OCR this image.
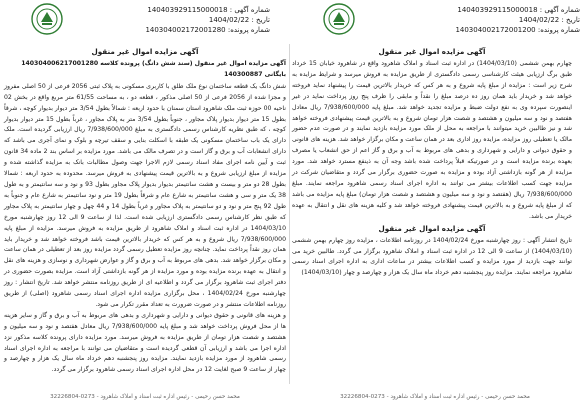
شماره آگهی : 140403929115000018
تاریخ : 1404/02/22
شماره پرونده: 140304002172001200
شماره آگهی : 140403929115000018
تاریخ : 1404/02/22
شماره پرونده: 140304002172001280
آگهی مزایده اموال غیر منقول

چهارم بهمن ششمی (1404/03/10) در اداره ثبت اسناد و املاک شاهرود واقع در شاهرود خیابان 15 خرداد طبق برگ ارزیابی هیئت کارشناسی رسمی دادگستری از طریق مزایده به فروش میرسد و شرایط مزایده به شرح زیر است : مزایده از مبلغ پایه شروع و به هر کس که خریدار بالاترین قیمت را پیشنهاد نماید فروخته خواهد شد و خریدار باید همان روز ده درصد مبلغ را نقداً و مابقی را ظرف پنج روز پرداخت نماید در غیر اینصورت سپرده وی به نفع دولت ضبط و مزایده تجدید خواهد شد. مبلغ پایه 7/938/600/000 ریال معادل هفتصد و نود و سه میلیون و هشتصد و شصت هزار تومان شروع و به بالاترین قیمت پیشنهادی فروخته خواهد شد و نیز طالبین خرید میتوانند با مراجعه به محل از ملک مورد مزایده بازدید نمایند و در صورت عدم حضور مالک یا تعطیلی روز مزایده، مزایده روز اداری بعد در همان ساعت و مکان برگزار خواهد شد. هزینه های قانونی و حقوق دیوانی و دارایی و شهرداری و بدهی های مربوط به آب و برق و گاز اعم از حق انشعاب یا مصرف بعهده برنده مزایده است و در صورتیکه قبلاً پرداخت شده باشد وجه آن به ذینفع مسترد خواهد شد. مورد مزایده از هر گونه بازداشتی آزاد بوده و مزایده به صورت حضوری برگزار می گردد و متقاضیان شرکت در مزایده جهت کسب اطلاعات بیشتر می توانند به اداره اجرای اسناد رسمی شاهرود مراجعه نمایند. مبلغ 7/938/600/000 ریال (هفتصد و نود و سه میلیون و هشتصد و شصت هزار تومان) مبلغ پایه مزایده می باشد که از مبلغ پایه شروع و به بالاترین قیمت پیشنهادی فروخته خواهد شد و کلیه هزینه های نقل و انتقال به عهده خریدار می باشد.

آگهی مزایده اموال غیر منقول

تاریخ انتشار آگهی : روز چهارشنبه مورخ 1404/02/24 در روزنامه اطلاعات ، مزایده روز چهارم بهمن ششمی (1404/03/10) از ساعت 9 الی 12 در اداره ثبت اسناد و املاک شاهرود برگزار می گردد. طالبین خرید می توانند جهت بازدید از مورد مزایده و کسب اطلاعات بیشتر در ساعات اداری به اداره اجرای اسناد رسمی شاهرود مراجعه نمایند. مزایده روز پنجشنبه دهم خرداد ماه سال یک هزار و چهارصد و چهار (1404/03/10)

آگهی مزایده اموال غیر منقول
آگهی مزایده اموال غیر منقول (سند شش دانگ) پرونده کلاسه 140304006217001280 بایگانی 140300887

شش دانگ یک قطعه ساختمان نوع ملک طلق با کاربری مسکونی به پلاک ثبتی 2056 فرعی از 50 اصلی مفروز و مجزا شده از 2056 فرعی از 50 اصلی مذکور ، قطعه دو ، به مساحت 61/55 متر مربع واقع در بخش 02 ناحیه 00 حوزه ثبت ملک شاهرود استان سمنان با حدود اربعه : شمالاً بطول 3/54 متر دیوار بدیوار کوچه ، شرقاً بطول 15 متر دیوار بدیوار پلاک مجاور ، جنوباً بطول 3/54 متر به پلاک مجاور ، غرباً بطول 15 متر دیوار بدیوار کوچه ، که طبق نظریه کارشناس رسمی دادگستری به مبلغ 7/938/600/000 ریال ارزیابی گردیده است. ملک دارای یک باب ساختمان مسکونی یک طبقه با اسکلت بنایی و سقف تیرچه و بلوک و نمای آجری می باشد که دارای انشعابات آب و برق و گاز است و در تصرف مالک می باشد. مورد مزایده بر اساس بند 2 ماده 34 قانون ثبت و آیین نامه اجرای مفاد اسناد رسمی لازم الاجرا جهت وصول مطالبات بانک به مزایده گذاشته شده و مزایده از مبلغ ارزیابی شروع و به بالاترین قیمت پیشنهادی به فروش میرسد. محدوده به حدود اربعه : شمالا بطول 28 دو متر و بیست و هشت سانتیمتر بدیوار بدیوار پلاک مجاور بطول 93 و نود و سه سانتیمتر و به طول 38 یک متر و سی و هشت سانتیمتر به شارع عام و شرقاً بطول 19 متر و نود سانتیمتر به شارع عام و جنوباً به طول 92 پنج متر و نود و دو سانتیمتر به پلاک مجاور و غرباً بطول 14 و 44 چهل و چهار سانتیمتر به پلاک مجاور که طبق نظر کارشناس رسمی دادگستری ارزیابی شده است. لذا از ساعت 9 الی 12 روز چهارشنبه مورخ 1404/03/10 در اداره ثبت اسناد و املاک شاهرود از طریق مزایده به فروش میرسد. مزایده از مبلغ پایه 7/938/600/000 ریال شروع و به هر کس که خریدار بالاترین قیمت باشد فروخته خواهد شد و خریدار باید همان روز نقداً پرداخت نماید. چنانچه روز مزایده تعطیل رسمی گردد مزایده روز بعد از تعطیلی در همان ساعت و مکان برگزار خواهد شد. بدهی های مربوط به آب و برق و گاز و عوارض شهرداری و نوسازی و هزینه های نقل و انتقال به عهده برنده مزایده بوده و مورد مزایده از هر گونه بازداشتی آزاد است. مزایده بصورت حضوری در دفتر اجرای ثبت شاهرود برگزار می گردد و اطلاعیه ای از طریق روزنامه منتشر خواهد شد. تاریخ انتشار : روز چهارشنبه مورخ 1404/02/24 ، محل برگزاری مزایده اداره اجرای اسناد رسمی شاهرود (اصلی) از طریق روزنامه اطلاعات منتشر و در صورت ضرورت به تعداد مقرر تکرار می شود.

و هزینه های قانونی و حقوق دیوانی و دارایی و شهرداری و بدهی های مربوط به آب و برق و گاز و سایر هزینه ها از محل فروش پرداخت خواهد شد و مبلغ پایه 7/938/600/000 ریال معادل هفتصد و نود و سه میلیون و هشتصد و شصت هزار تومان از طریق مزایده به فروش میرسد. مورد مزایده دارای پرونده کلاسه مذکور نزد اداره اجرا می باشد و ارزیابی آن قطعی گردیده است و متقاضیان می توانند با مراجعه به اداره اجرای اسناد رسمی شاهرود از مورد مزایده بازدید نمایند. مزایده روز پنجشنبه دهم خرداد ماه سال یک هزار و چهارصد و چهار از ساعت 9 صبح لغایت 12 در محل اداره اجرای اسناد رسمی شاهرود برگزار می گردد.

محمد حسن رحیمی - رئیس اداره ثبت اسناد و املاک شاهرود - 0273-32226804
محمد حسن رحیمی - رئیس اداره ثبت اسناد و املاک شاهرود - 0273-32226804
